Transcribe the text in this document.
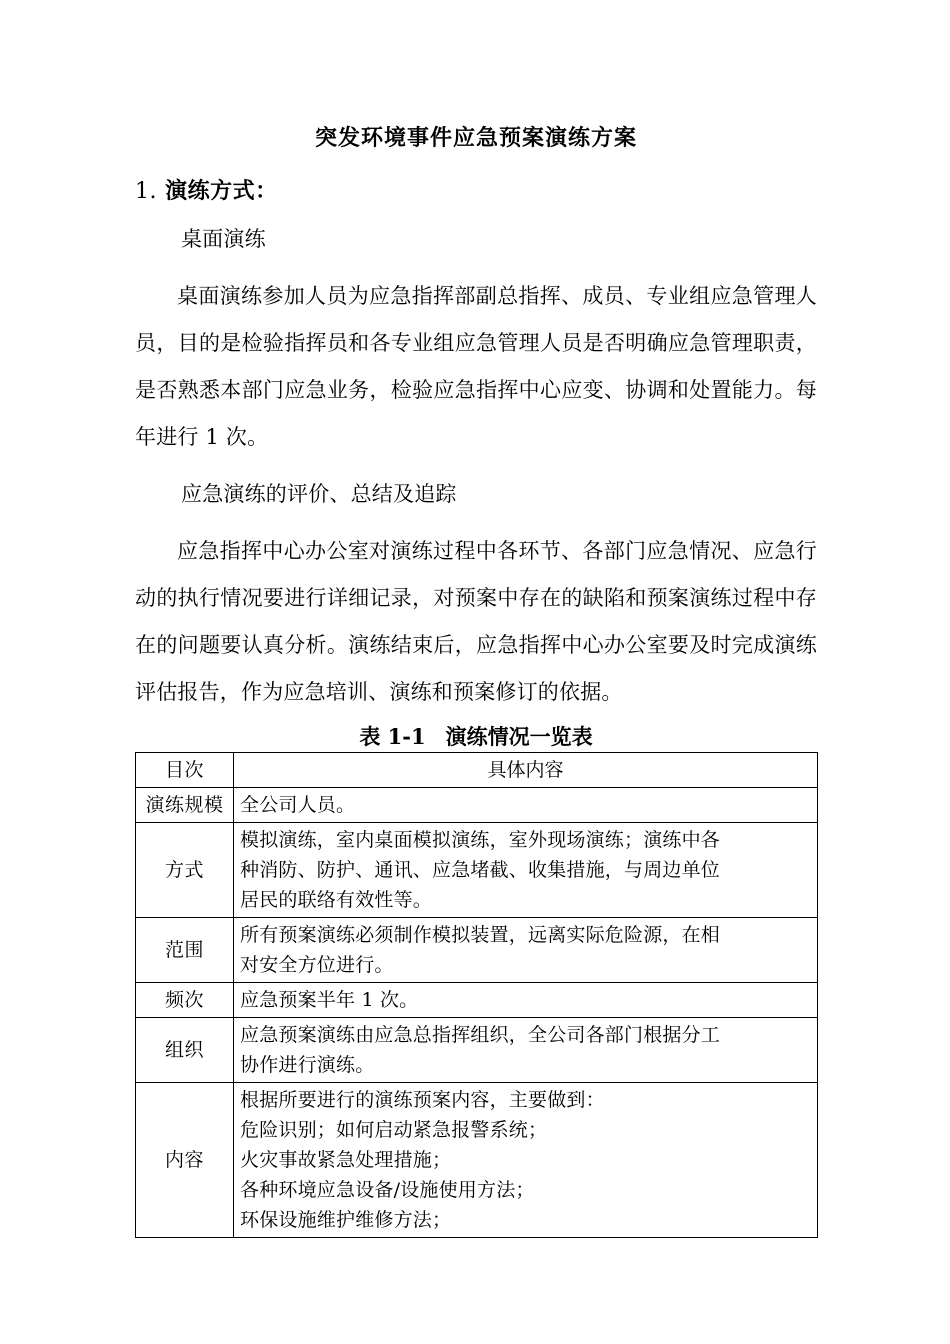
突发环境事件应急预案演练方案
1. 演练方式：

桌面演练

桌面演练参加人员为应急指挥部副总指挥、成员、专业组应急管理人员，目的是检验指挥员和各专业组应急管理人员是否明确应急管理职责，是否熟悉本部门应急业务，检验应急指挥中心应变、协调和处置能力。每年进行 1 次。

应急演练的评价、总结及追踪

应急指挥中心办公室对演练过程中各环节、各部门应急情况、应急行动的执行情况要进行详细记录，对预案中存在的缺陷和预案演练过程中存在的问题要认真分析。演练结束后，应急指挥中心办公室要及时完成演练评估报告，作为应急培训、演练和预案修订的依据。

表 1-1 演练情况一览表

目次	具体内容
演练规模	全公司人员。

方式	模拟演练，室内桌面模拟演练，室外现场演练；演练中各
种消防、防护、通讯、应急堵截、收集措施，与周边单位
居民的联络有效性等。

范围	所有预案演练必须制作模拟装置，远离实际危险源，在相
对安全方位进行。

频次	应急预案半年 1 次。

组织	应急预案演练由应急总指挥组织，全公司各部门根据分工
协作进行演练。

内容	根据所要进行的演练预案内容，主要做到：
危险识别；如何启动紧急报警系统；
火灾事故紧急处理措施；
各种环境应急设备/设施使用方法；
环保设施维护维修方法；
